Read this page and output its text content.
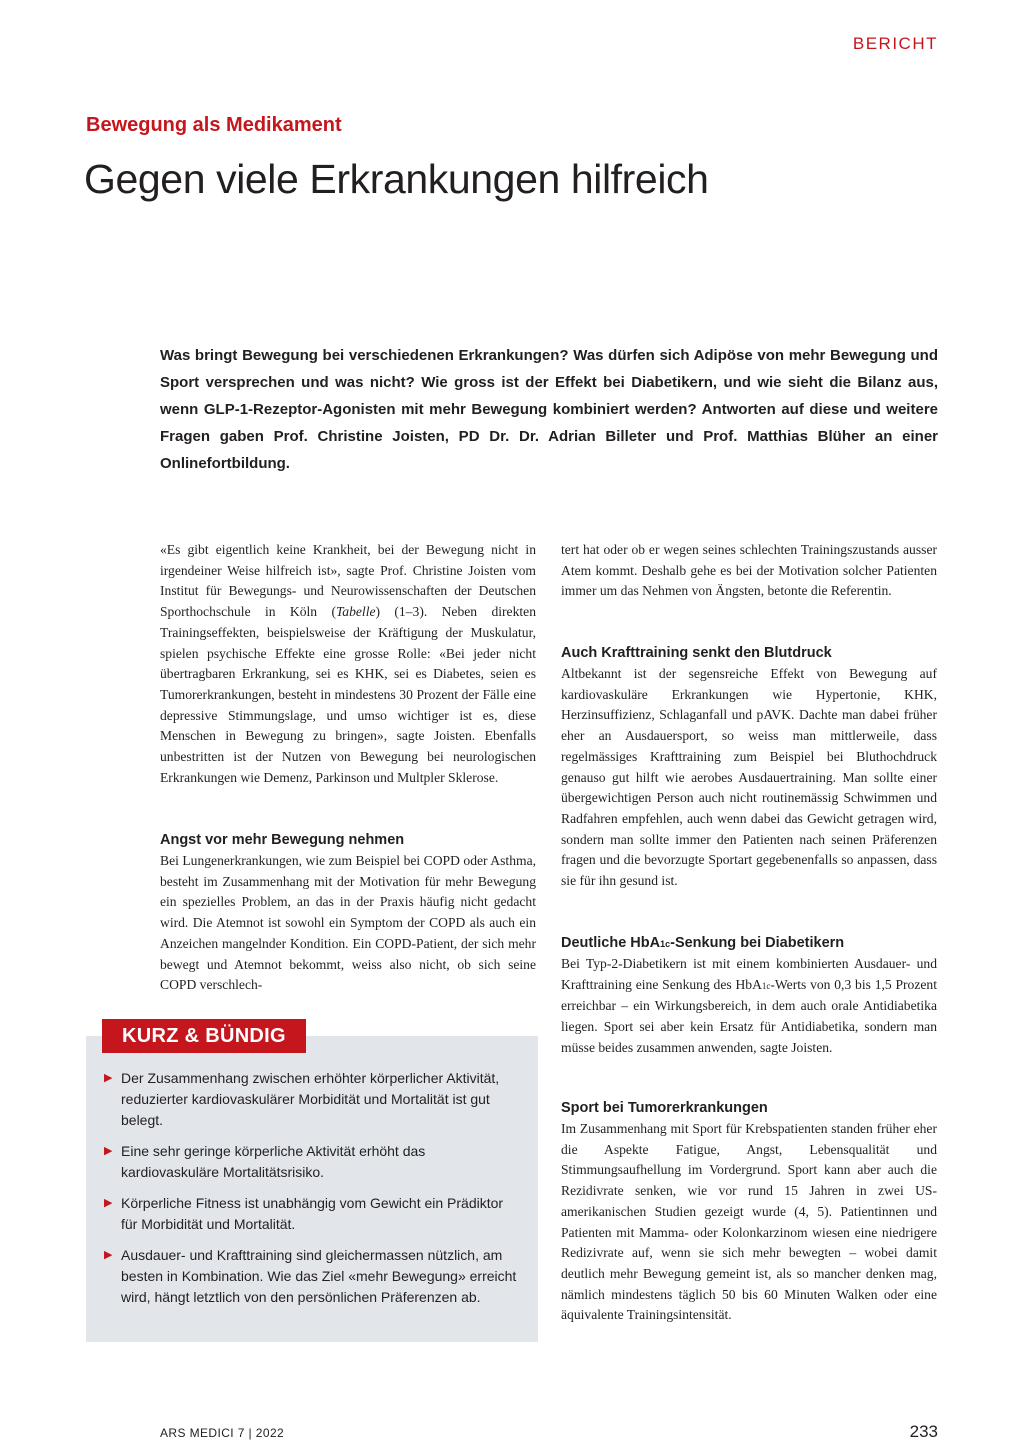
BERICHT
Bewegung als Medikament
Gegen viele Erkrankungen hilfreich

Was bringt Bewegung bei verschiedenen Erkrankungen? Was dürfen sich Adipöse von mehr Bewegung und Sport versprechen und was nicht? Wie gross ist der Effekt bei Diabetikern, und wie sieht die Bilanz aus, wenn GLP-1-Rezeptor-Agonisten mit mehr Bewegung kombiniert werden? Antworten auf diese und weitere Fragen gaben Prof. Christine Joisten, PD Dr. Dr. Adrian Billeter und Prof. Matthias Blüher an einer Onlinefortbildung.

«Es gibt eigentlich keine Krankheit, bei der Bewegung nicht in irgendeiner Weise hilfreich ist», sagte Prof. Christine Joisten vom Institut für Bewegungs- und Neurowissenschaften der Deutschen Sporthochschule in Köln (Tabelle) (1–3). Neben direkten Trainingseffekten, beispielsweise der Kräftigung der Muskulatur, spielen psychische Effekte eine grosse Rolle: «Bei jeder nicht übertragbaren Erkrankung, sei es KHK, sei es Diabetes, seien es Tumorerkrankungen, besteht in mindestens 30 Prozent der Fälle eine depressive Stimmungslage, und umso wichtiger ist es, diese Menschen in Bewegung zu bringen», sagte Joisten. Ebenfalls unbestritten ist der Nutzen von Bewegung bei neurologischen Erkrankungen wie Demenz, Parkinson und Multpler Sklerose.

Angst vor mehr Bewegung nehmen

Bei Lungenerkrankungen, wie zum Beispiel bei COPD oder Asthma, besteht im Zusammenhang mit der Motivation für mehr Bewegung ein spezielles Problem, an das in der Praxis häufig nicht gedacht wird. Die Atemnot ist sowohl ein Symptom der COPD als auch ein Anzeichen mangelnder Kondition. Ein COPD-Patient, der sich mehr bewegt und Atemnot bekommt, weiss also nicht, ob sich seine COPD verschlech-

tert hat oder ob er wegen seines schlechten Trainingszustands ausser Atem kommt. Deshalb gehe es bei der Motivation solcher Patienten immer um das Nehmen von Ängsten, betonte die Referentin.

Auch Krafttraining senkt den Blutdruck

Altbekannt ist der segensreiche Effekt von Bewegung auf kardiovaskuläre Erkrankungen wie Hypertonie, KHK, Herzinsuffizienz, Schlaganfall und pAVK. Dachte man dabei früher eher an Ausdauersport, so weiss man mittlerweile, dass regelmässiges Krafttraining zum Beispiel bei Bluthochdruck genauso gut hilft wie aerobes Ausdauertraining. Man sollte einer übergewichtigen Person auch nicht routinemässig Schwimmen und Radfahren empfehlen, auch wenn dabei das Gewicht getragen wird, sondern man sollte immer den Patienten nach seinen Präferenzen fragen und die bevorzugte Sportart gegebenenfalls so anpassen, dass sie für ihn gesund ist.

Deutliche HbA1c-Senkung bei Diabetikern

Bei Typ-2-Diabetikern ist mit einem kombinierten Ausdauer- und Krafttraining eine Senkung des HbA1c-Werts von 0,3 bis 1,5 Prozent erreichbar – ein Wirkungsbereich, in dem auch orale Antidiabetika liegen. Sport sei aber kein Ersatz für Antidiabetika, sondern man müsse beides zusammen anwenden, sagte Joisten.

Sport bei Tumorerkrankungen

Im Zusammenhang mit Sport für Krebspatienten standen früher eher die Aspekte Fatigue, Angst, Lebensqualität und Stimmungsaufhellung im Vordergrund. Sport kann aber auch die Rezidivrate senken, wie vor rund 15 Jahren in zwei US-amerikanischen Studien gezeigt wurde (4, 5). Patientinnen und Patienten mit Mamma- oder Kolonkarzinom wiesen eine niedrigere Redizivrate auf, wenn sie sich mehr bewegten – wobei damit deutlich mehr Bewegung gemeint ist, als so mancher denken mag, nämlich mindestens täglich 50 bis 60 Minuten Walken oder eine äquivalente Trainingsintensität.

▶ Der Zusammenhang zwischen erhöhter körperlicher Aktivität, reduzierter kardiovaskulärer Morbidität und Mortalität ist gut belegt.
▶ Eine sehr geringe körperliche Aktivität erhöht das kardiovaskuläre Mortalitätsrisiko.
▶ Körperliche Fitness ist unabhängig vom Gewicht ein Prädiktor für Morbidität und Mortalität.
▶ Ausdauer- und Krafttraining sind gleichermassen nützlich, am besten in Kombination. Wie das Ziel «mehr Bewegung» erreicht wird, hängt letztlich von den persönlichen Präferenzen ab.
KURZ & BÜNDIG
ARS MEDICI 7 | 2022	233
